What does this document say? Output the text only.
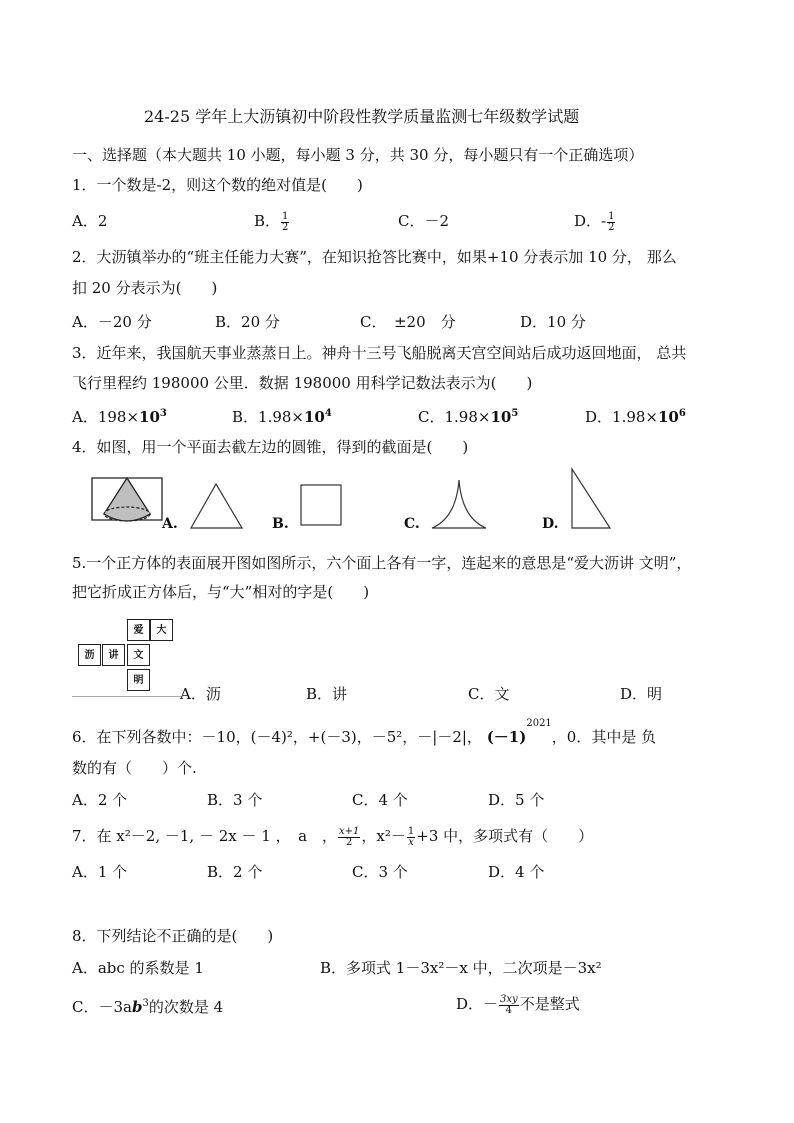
24-25 学年上大沥镇初中阶段性教学质量监测七年级数学试题
一、选择题（本大题共 10 小题，每小题 3 分，共 30 分，每小题只有一个正确选项）
1．一个数是-2，则这个数的绝对值是(　　)
A．2	B． $\frac{1}{2}$	C．－2	D．- $\frac{1}{2}$
2．大沥镇举办的“班主任能力大赛”，在知识抢答比赛中，如果+10 分表示加 10 分， 那么
扣 20 分表示为(　　)
A．－20 分	B．20 分	C．　±20　分	D．10 分
3．近年来，我国航天事业蒸蒸日上。神舟十三号飞船脱离天宫空间站后成功返回地面， 总共
飞行里程约 198000 公里．数据 198000 用科学记数法表示为(　　)
A．$198\times 10^3$	B．$1.98\times 10^4$	C．$1.98\times 10^5$	D．$1.98\times 10^6$
4．如图，用一个平面去截左边的圆锥，得到的截面是(　　)
A.	B.	C.	D.
5.一个正方体的表面展开图如图所示，六个面上各有一字，连起来的意思是“爱大沥讲 文明”，
把它折成正方体后，与“大”相对的字是(　　)
爱	大
沥	讲	文
明
A．沥	B．讲	C．文	D．明
6．在下列各数中：－10，(－4)²，+(－3)，－5²，－|－2|， $(-1)^{2021}$，0．其中是 负
数的有（　　）个.
A．2 个	B．3 个	C．4 个	D．5 个
7．在 x²－2, －1, － 2x － 1 ，　a　， $\frac{x+1}{2}$ ，$x^2- \frac{1}{x} +3$ 中，多项式有（　　）
A．1 个	B．2 个	C．3 个	D．4 个
8．下列结论不正确的是(　　)
A．abc 的系数是 1	B．多项式 1－3x²－x 中，二次项是－3x²
C．$-3ab^3$的次数是 4	D．－ $\frac{3xy}{4}$ 不是整式
